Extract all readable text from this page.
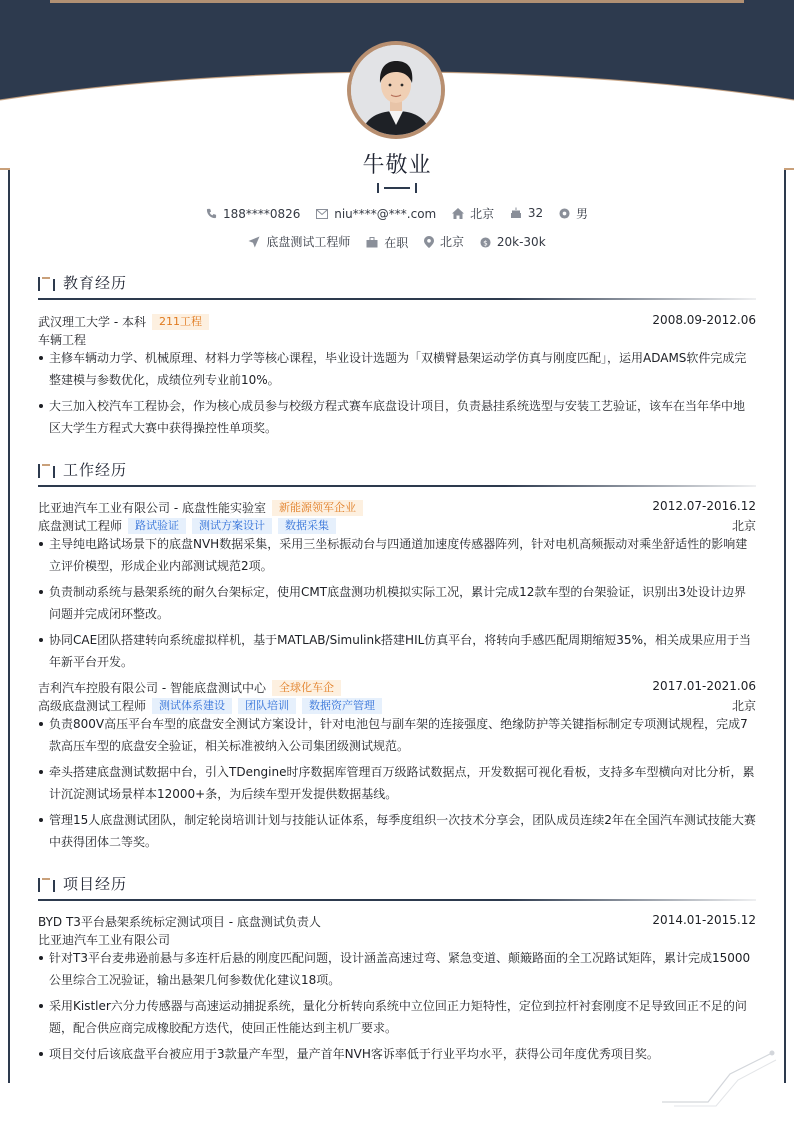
牛敬业
188****0826
	niu****@***.com
	北京
	32
	男
底盘测试工程师
	在职
	北京
$ 20k-30k
教育经历
武汉理工大学 - 本科	211工程	2008.09-2012.06
车辆工程
主修车辆动力学、机械原理、材料力学等核心课程，毕业设计选题为「双横臂悬架运动学仿真与刚度匹配」，运用ADAMS软件完成完整建模与参数优化，成绩位列专业前10%。
大三加入校汽车工程协会，作为核心成员参与校级方程式赛车底盘设计项目，负责悬挂系统选型与安装工艺验证，该车在当年华中地区大学生方程式大赛中获得操控性单项奖。
工作经历
比亚迪汽车工业有限公司 - 底盘性能实验室	新能源领军企业	2012.07-2016.12
底盘测试工程师	路试验证	测试方案设计	数据采集	北京
主导纯电路试场景下的底盘NVH数据采集，采用三坐标振动台与四通道加速度传感器阵列，针对电机高频振动对乘坐舒适性的影响建立评价模型，形成企业内部测试规范2项。
负责制动系统与悬架系统的耐久台架标定，使用CMT底盘测功机模拟实际工况，累计完成12款车型的台架验证，识别出3处设计边界问题并完成闭环整改。
协同CAE团队搭建转向系统虚拟样机，基于MATLAB/Simulink搭建HIL仿真平台，将转向手感匹配周期缩短35%，相关成果应用于当年新平台开发。
吉利汽车控股有限公司 - 智能底盘测试中心	全球化车企	2017.01-2021.06
高级底盘测试工程师	测试体系建设	团队培训	数据资产管理	北京
负责800V高压平台车型的底盘安全测试方案设计，针对电池包与副车架的连接强度、绝缘防护等关键指标制定专项测试规程，完成7款高压车型的底盘安全验证，相关标准被纳入公司集团级测试规范。
牵头搭建底盘测试数据中台，引入TDengine时序数据库管理百万级路试数据点，开发数据可视化看板，支持多车型横向对比分析，累计沉淀测试场景样本12000+条，为后续车型开发提供数据基线。
管理15人底盘测试团队，制定轮岗培训计划与技能认证体系，每季度组织一次技术分享会，团队成员连续2年在全国汽车测试技能大赛中获得团体二等奖。
项目经历
BYD T3平台悬架系统标定测试项目 - 底盘测试负责人	2014.01-2015.12
比亚迪汽车工业有限公司
针对T3平台麦弗逊前悬与多连杆后悬的刚度匹配问题，设计涵盖高速过弯、紧急变道、颠簸路面的全工况路试矩阵，累计完成15000公里综合工况验证，输出悬架几何参数优化建议18项。
采用Kistler六分力传感器与高速运动捕捉系统，量化分析转向系统中立位回正力矩特性，定位到拉杆衬套刚度不足导致回正不足的问题，配合供应商完成橡胶配方迭代，使回正性能达到主机厂要求。
项目交付后该底盘平台被应用于3款量产车型，量产首年NVH客诉率低于行业平均水平，获得公司年度优秀项目奖。
